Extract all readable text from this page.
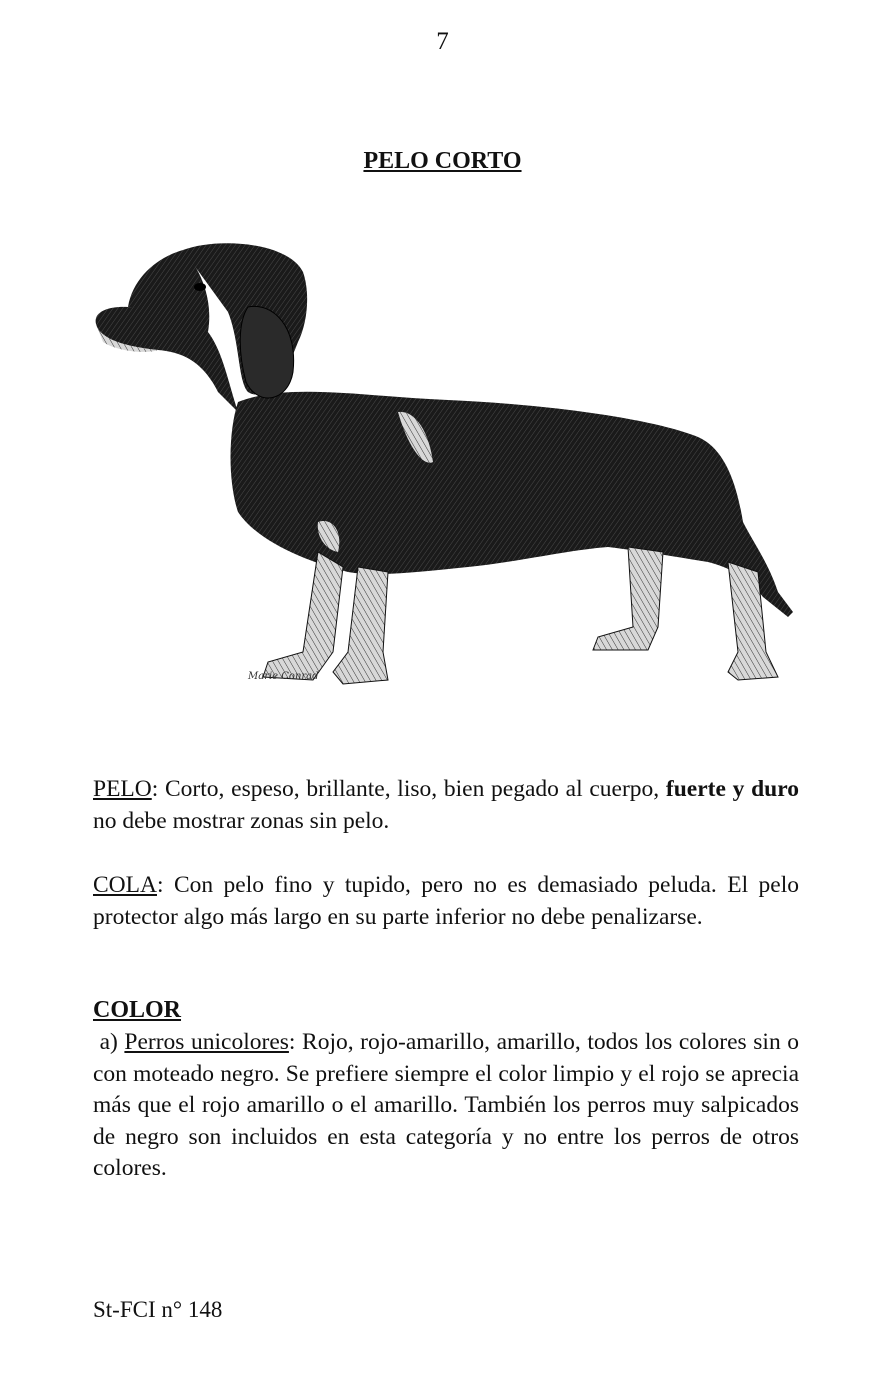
7
PELO CORTO
Marie Conrad

PELO: Corto, espeso, brillante, liso, bien pegado al cuerpo, fuerte y duro no debe mostrar zonas sin pelo.

COLA: Con pelo fino y tupido, pero no es demasiado peluda. El pelo protector algo más largo en su parte inferior no debe penalizarse.

COLOR

a) Perros unicolores: Rojo, rojo-amarillo, amarillo, todos los colores sin o con moteado negro. Se prefiere siempre el color limpio y el rojo se aprecia más que el rojo amarillo o el amarillo. También los perros muy salpicados de negro son incluidos en esta categoría y no entre los perros de otros colores.

St-FCI n° 148
